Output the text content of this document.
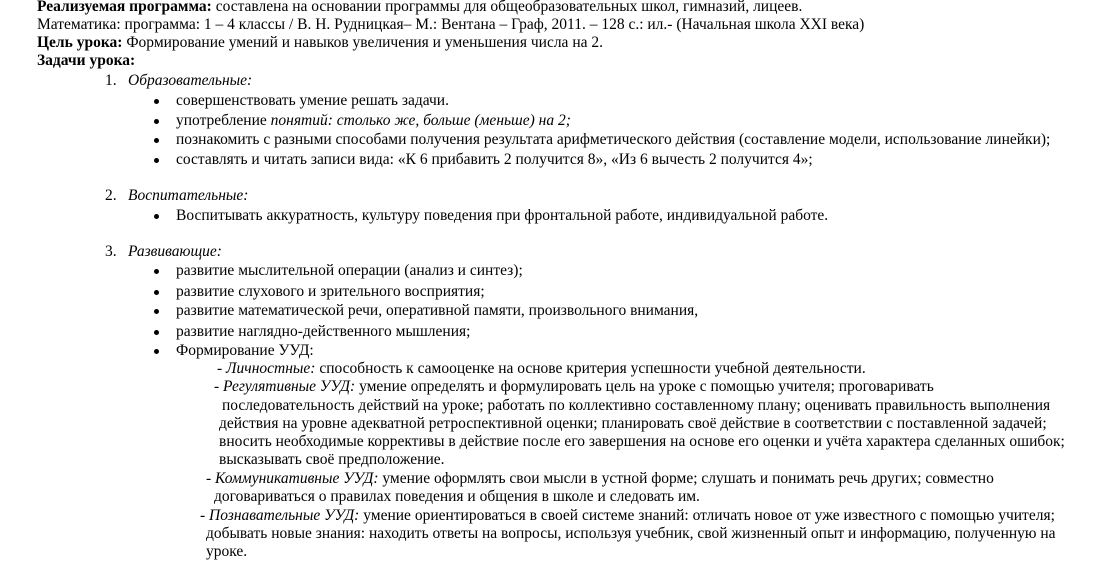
Реализуемая программа: составлена на основании программы для общеобразовательных школ, гимназий, лицеев.
Математика: программа: 1 – 4 классы / В. Н. Рудницкая– М.: Вентана – Граф, 2011. – 128 с.: ил.- (Начальная школа XXI века)
Цель урока: Формирование умений и навыков увеличения и уменьшения числа на 2.
Задачи урока:
1. Образовательные:
совершенствовать умение решать задачи.
употребление понятий: столько же, больше (меньше) на 2;
познакомить с разными способами получения результата арифметического действия (составление модели, использование линейки);
составлять и читать записи вида: «К 6 прибавить 2 получится 8», «Из 6 вычесть 2 получится 4»;
2. Воспитательные:
Воспитывать аккуратность, культуру поведения при фронтальной работе, индивидуальной работе.
3. Развивающие:
развитие мыслительной операции (анализ и синтез);
развитие слухового и зрительного восприятия;
развитие математической речи, оперативной памяти, произвольного внимания,
развитие наглядно-действенного мышления;
Формирование УУД:
- Личностные: способность к самооценке на основе критерия успешности учебной деятельности.
- Регулятивные УУД: умение определять и формулировать цель на уроке с помощью учителя; проговаривать
последовательность действий на уроке; работать по коллективно составленному плану; оценивать правильность выполнения
действия на уровне адекватной ретроспективной оценки; планировать своё действие в соответствии с поставленной задачей;
вносить необходимые коррективы в действие после его завершения на основе его оценки и учёта характера сделанных ошибок;
высказывать своё предположение.
- Коммуникативные УУД: умение оформлять свои мысли в устной форме; слушать и понимать речь других; совместно
договариваться о правилах поведения и общения в школе и следовать им.
- Познавательные УУД: умение ориентироваться в своей системе знаний: отличать новое от уже известного с помощью учителя;
добывать новые знания: находить ответы на вопросы, используя учебник, свой жизненный опыт и информацию, полученную на
уроке.
